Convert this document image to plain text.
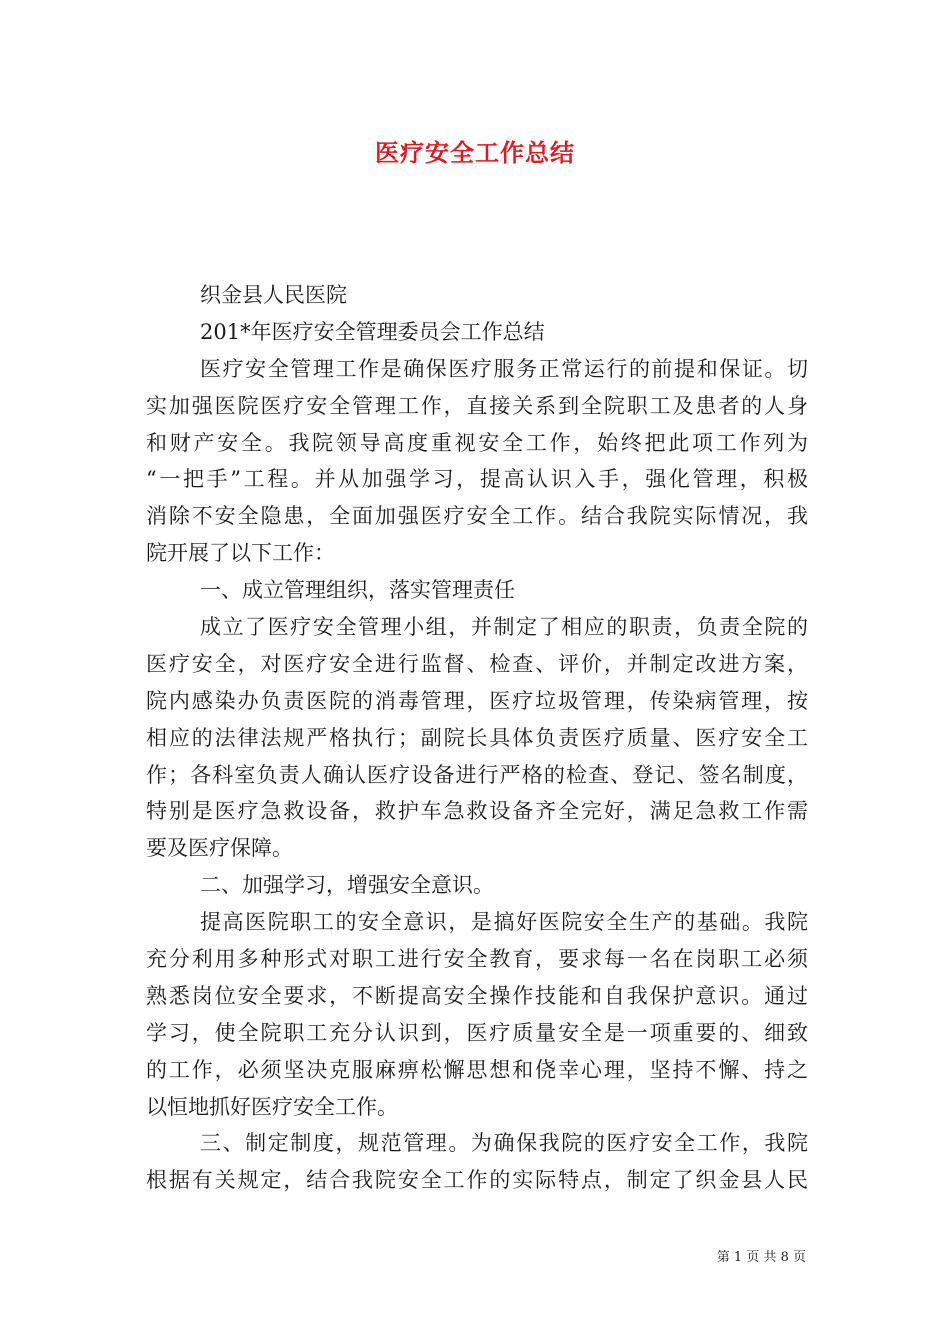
医疗安全工作总结
织金县人民医院
201*年医疗安全管理委员会工作总结
医疗安全管理工作是确保医疗服务正常运行的前提和保证。切
实加强医院医疗安全管理工作，直接关系到全院职工及患者的人身
和财产安全。我院领导高度重视安全工作，始终把此项工作列为
“一把手”工程。并从加强学习，提高认识入手，强化管理，积极
消除不安全隐患，全面加强医疗安全工作。结合我院实际情况，我
院开展了以下工作：
一、成立管理组织，落实管理责任
成立了医疗安全管理小组，并制定了相应的职责，负责全院的
医疗安全，对医疗安全进行监督、检查、评价，并制定改进方案，
院内感染办负责医院的消毒管理，医疗垃圾管理，传染病管理，按
相应的法律法规严格执行；副院长具体负责医疗质量、医疗安全工
作；各科室负责人确认医疗设备进行严格的检查、登记、签名制度，
特别是医疗急救设备，救护车急救设备齐全完好，满足急救工作需
要及医疗保障。
二、加强学习，增强安全意识。
提高医院职工的安全意识，是搞好医院安全生产的基础。我院
充分利用多种形式对职工进行安全教育，要求每一名在岗职工必须
熟悉岗位安全要求，不断提高安全操作技能和自我保护意识。通过
学习，使全院职工充分认识到，医疗质量安全是一项重要的、细致
的工作，必须坚决克服麻痹松懈思想和侥幸心理，坚持不懈、持之
以恒地抓好医疗安全工作。
三、制定制度，规范管理。为确保我院的医疗安全工作，我院
根据有关规定，结合我院安全工作的实际特点，制定了织金县人民
第 1 页 共 8 页
